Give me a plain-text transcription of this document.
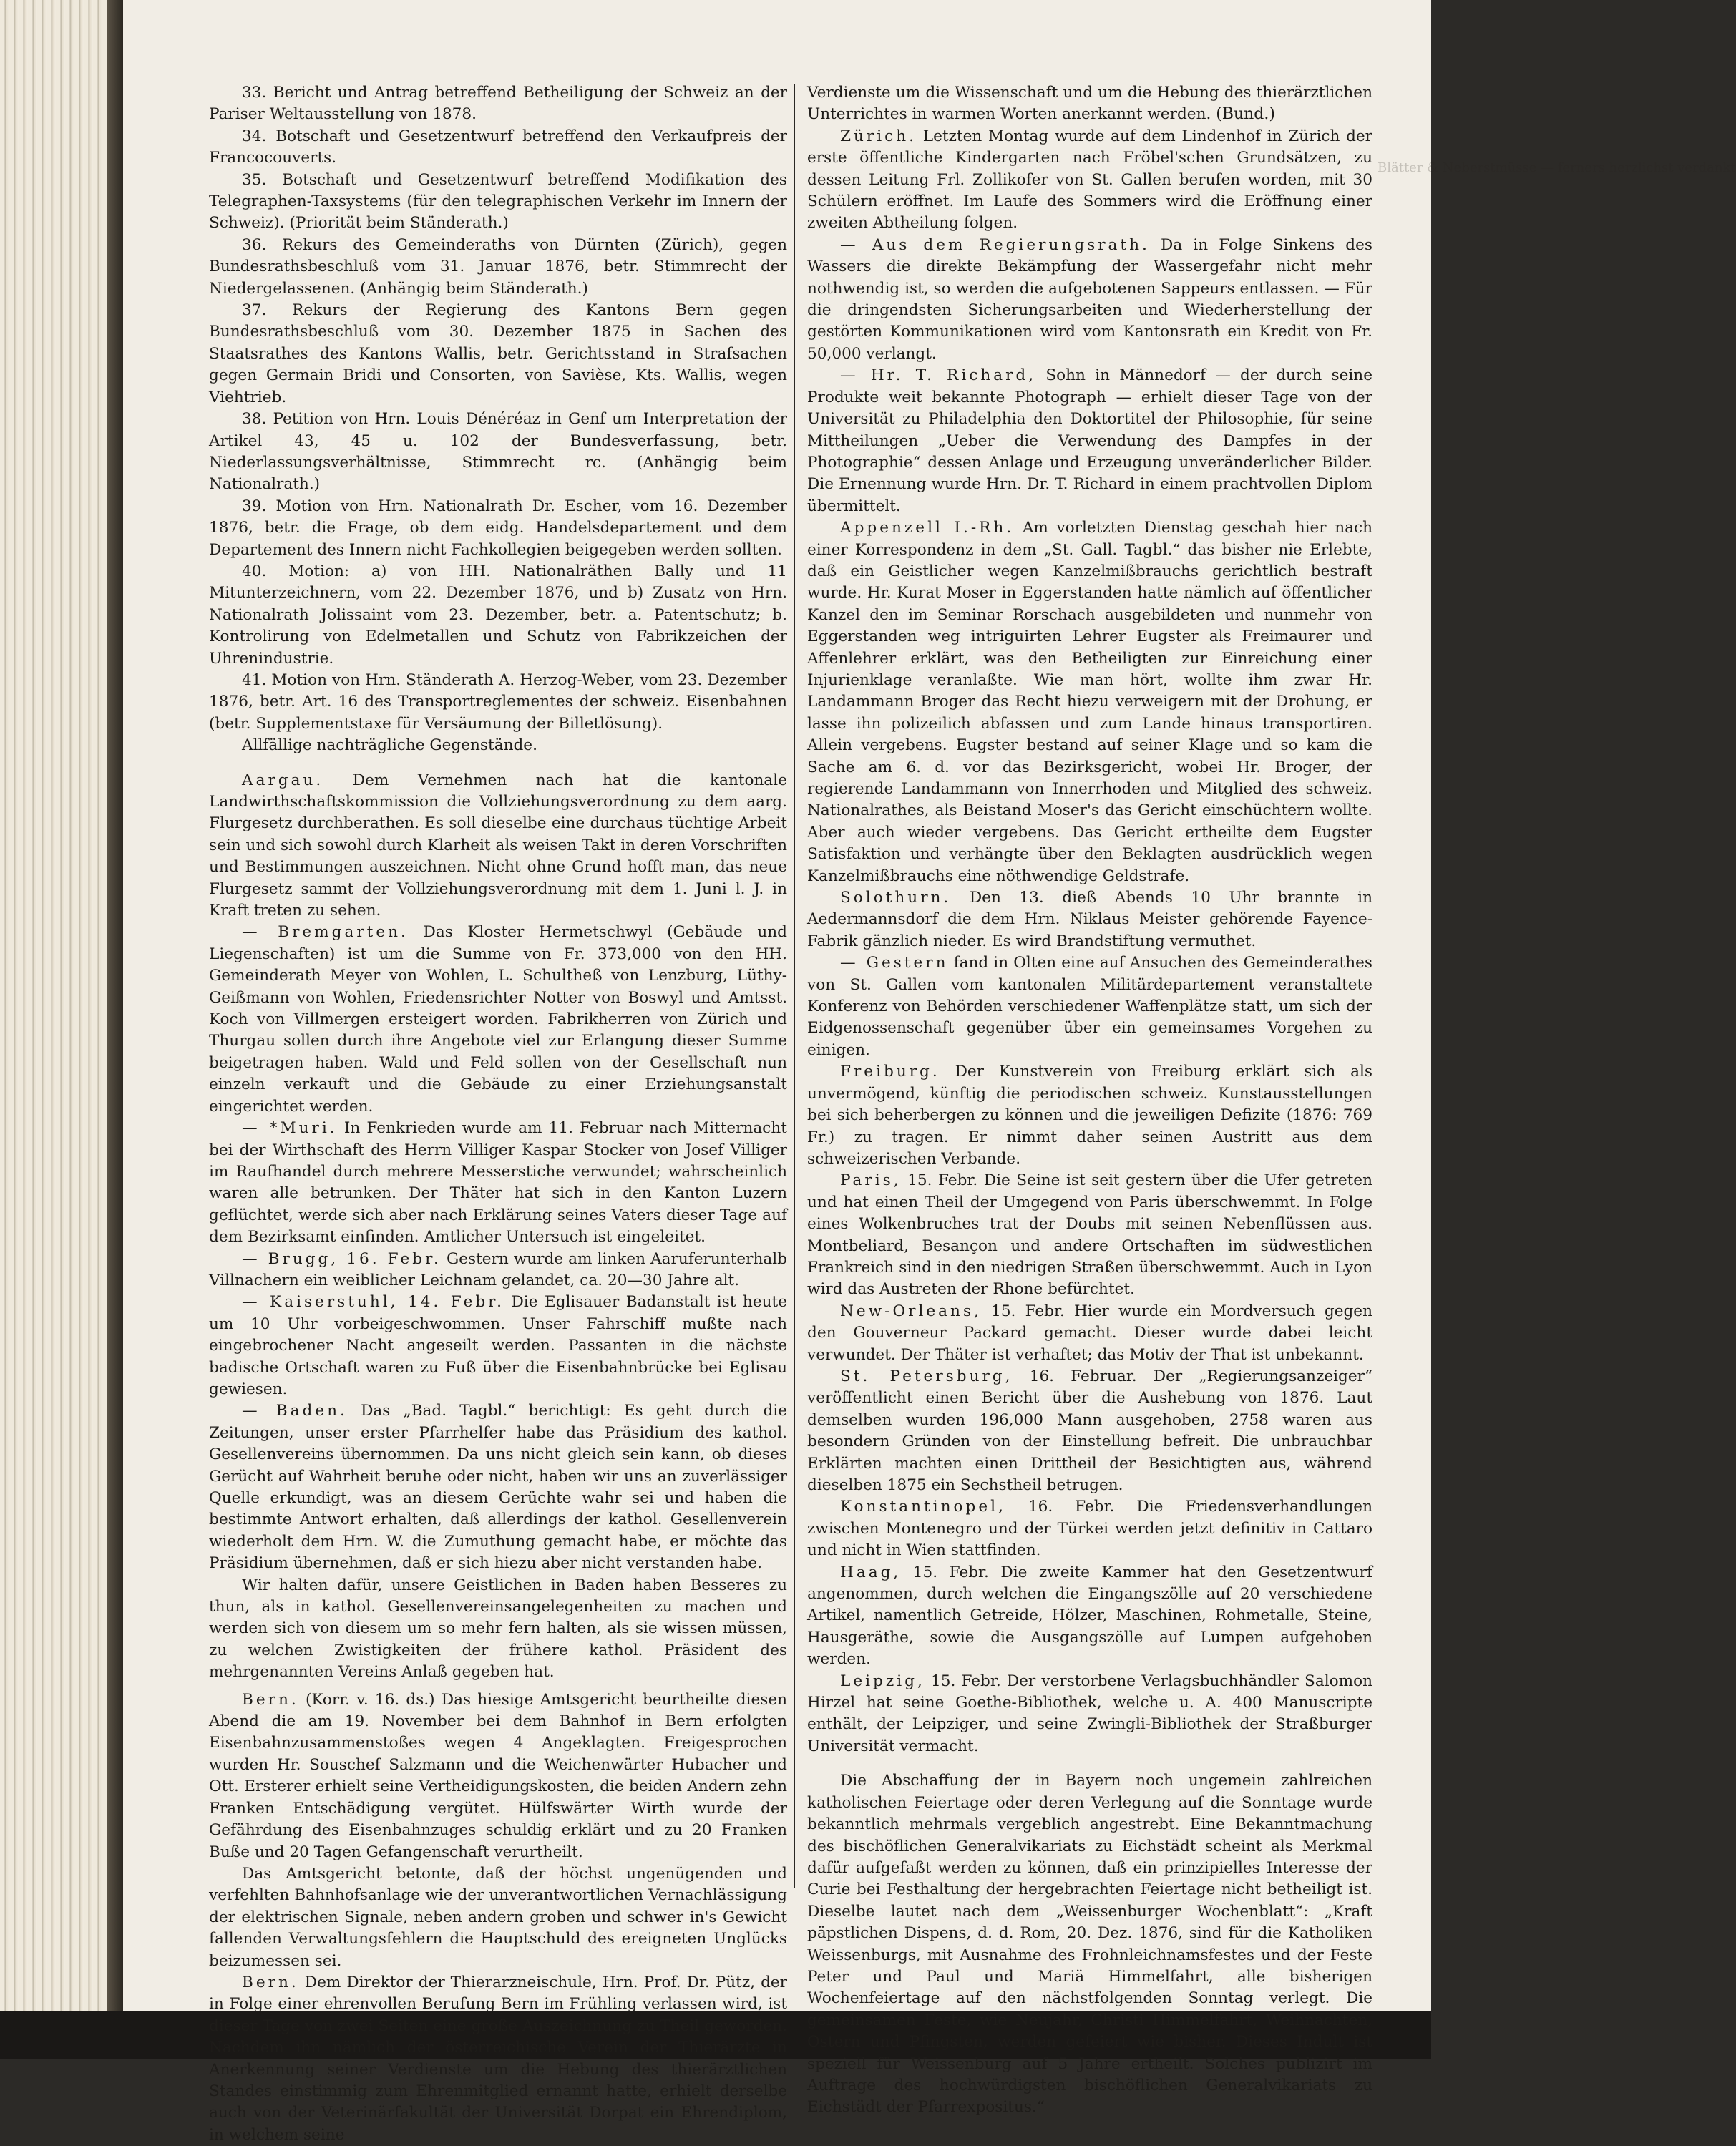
Blätter & Neberstmüsse — ferners herzlichst verdankt

33. Bericht und Antrag betreffend Betheiligung der Schweiz an der Pariser Weltausstellung von 1878.

34. Botschaft und Gesetzentwurf betreffend den Verkaufpreis der Francocouverts.

35. Botschaft und Gesetzentwurf betreffend Modifikation des Telegraphen-Taxsystems (für den telegraphischen Verkehr im Innern der Schweiz). (Priorität beim Ständerath.)

36. Rekurs des Gemeinderaths von Dürnten (Zürich), gegen Bundesrathsbeschluß vom 31. Januar 1876, betr. Stimmrecht der Niedergelassenen. (Anhängig beim Ständerath.)

37. Rekurs der Regierung des Kantons Bern gegen Bundesrathsbeschluß vom 30. Dezember 1875 in Sachen des Staatsrathes des Kantons Wallis, betr. Gerichtsstand in Strafsachen gegen Germain Bridi und Consorten, von Savièse, Kts. Wallis, wegen Viehtrieb.

38. Petition von Hrn. Louis Dénéréaz in Genf um Interpretation der Artikel 43, 45 u. 102 der Bundesverfassung, betr. Niederlassungsverhältnisse, Stimmrecht rc. (Anhängig beim Nationalrath.)

39. Motion von Hrn. Nationalrath Dr. Escher, vom 16. Dezember 1876, betr. die Frage, ob dem eidg. Handelsdepartement und dem Departement des Innern nicht Fachkollegien beigegeben werden sollten.

40. Motion: a) von HH. Nationalräthen Bally und 11 Mitunterzeichnern, vom 22. Dezember 1876, und b) Zusatz von Hrn. Nationalrath Jolissaint vom 23. Dezember, betr. a. Patentschutz; b. Kontrolirung von Edelmetallen und Schutz von Fabrikzeichen der Uhrenindustrie.

41. Motion von Hrn. Ständerath A. Herzog-Weber, vom 23. Dezember 1876, betr. Art. 16 des Transportreglementes der schweiz. Eisenbahnen (betr. Supplementstaxe für Versäumung der Billetlösung).

Allfällige nachträgliche Gegenstände.

Aargau. Dem Vernehmen nach hat die kantonale Landwirthschaftskommission die Vollziehungsverordnung zu dem aarg. Flurgesetz durchberathen. Es soll dieselbe eine durchaus tüchtige Arbeit sein und sich sowohl durch Klarheit als weisen Takt in deren Vorschriften und Bestimmungen auszeichnen. Nicht ohne Grund hofft man, das neue Flurgesetz sammt der Vollziehungsverordnung mit dem 1. Juni l. J. in Kraft treten zu sehen.

— Bremgarten. Das Kloster Hermetschwyl (Gebäude und Liegenschaften) ist um die Summe von Fr. 373,000 von den HH. Gemeinderath Meyer von Wohlen, L. Schultheß von Lenzburg, Lüthy-Geißmann von Wohlen, Friedensrichter Notter von Boswyl und Amtsst. Koch von Villmergen ersteigert worden. Fabrikherren von Zürich und Thurgau sollen durch ihre Angebote viel zur Erlangung dieser Summe beigetragen haben. Wald und Feld sollen von der Gesellschaft nun einzeln verkauft und die Gebäude zu einer Erziehungsanstalt eingerichtet werden.

— *Muri. In Fenkrieden wurde am 11. Februar nach Mitternacht bei der Wirthschaft des Herrn Villiger Kaspar Stocker von Josef Villiger im Raufhandel durch mehrere Messerstiche verwundet; wahrscheinlich waren alle betrunken. Der Thäter hat sich in den Kanton Luzern geflüchtet, werde sich aber nach Erklärung seines Vaters dieser Tage auf dem Bezirksamt einfinden. Amtlicher Untersuch ist eingeleitet.

— Brugg, 16. Febr. Gestern wurde am linken Aaruferunterhalb Villnachern ein weiblicher Leichnam gelandet, ca. 20—30 Jahre alt.

— Kaiserstuhl, 14. Febr. Die Eglisauer Badanstalt ist heute um 10 Uhr vorbeigeschwommen. Unser Fahrschiff mußte nach eingebrochener Nacht angeseilt werden. Passanten in die nächste badische Ortschaft waren zu Fuß über die Eisenbahnbrücke bei Eglisau gewiesen.

— Baden. Das „Bad. Tagbl.“ berichtigt: Es geht durch die Zeitungen, unser erster Pfarrhelfer habe das Präsidium des kathol. Gesellenvereins übernommen. Da uns nicht gleich sein kann, ob dieses Gerücht auf Wahrheit beruhe oder nicht, haben wir uns an zuverlässiger Quelle erkundigt, was an diesem Gerüchte wahr sei und haben die bestimmte Antwort erhalten, daß allerdings der kathol. Gesellenverein wiederholt dem Hrn. W. die Zumuthung gemacht habe, er möchte das Präsidium übernehmen, daß er sich hiezu aber nicht verstanden habe.

Wir halten dafür, unsere Geistlichen in Baden haben Besseres zu thun, als in kathol. Gesellenvereinsangelegenheiten zu machen und werden sich von diesem um so mehr fern halten, als sie wissen müssen, zu welchen Zwistigkeiten der frühere kathol. Präsident des mehrgenannten Vereins Anlaß gegeben hat.

Bern. (Korr. v. 16. ds.) Das hiesige Amtsgericht beurtheilte diesen Abend die am 19. November bei dem Bahnhof in Bern erfolgten Eisenbahnzusammenstoßes wegen 4 Angeklagten. Freigesprochen wurden Hr. Souschef Salzmann und die Weichenwärter Hubacher und Ott. Ersterer erhielt seine Vertheidigungskosten, die beiden Andern zehn Franken Entschädigung vergütet. Hülfswärter Wirth wurde der Gefährdung des Eisenbahnzuges schuldig erklärt und zu 20 Franken Buße und 20 Tagen Gefangenschaft verurtheilt.

Das Amtsgericht betonte, daß der höchst ungenügenden und verfehlten Bahnhofsanlage wie der unverantwortlichen Vernachlässigung der elektrischen Signale, neben andern groben und schwer in's Gewicht fallenden Verwaltungsfehlern die Hauptschuld des ereigneten Unglücks beizumessen sei.

Bern. Dem Direktor der Thierarzneischule, Hrn. Prof. Dr. Pütz, der in Folge einer ehrenvollen Berufung Bern im Frühling verlassen wird, ist dieser Tage von zwei Seiten eine große Auszeichnung zu Theil geworden. Nachdem ihn nämlich der österreichische Verein der Thierärzte in Anerkennung seiner Verdienste um die Hebung des thierärztlichen Standes einstimmig zum Ehrenmitglied ernannt hatte, erhielt derselbe auch von der Veterinärfakultät der Universität Dorpat ein Ehrendiplom, in welchem seine

Verdienste um die Wissenschaft und um die Hebung des thierärztlichen Unterrichtes in warmen Worten anerkannt werden. (Bund.)

Zürich. Letzten Montag wurde auf dem Lindenhof in Zürich der erste öffentliche Kindergarten nach Fröbel'schen Grundsätzen, zu dessen Leitung Frl. Zollikofer von St. Gallen berufen worden, mit 30 Schülern eröffnet. Im Laufe des Sommers wird die Eröffnung einer zweiten Abtheilung folgen.

— Aus dem Regierungsrath. Da in Folge Sinkens des Wassers die direkte Bekämpfung der Wassergefahr nicht mehr nothwendig ist, so werden die aufgebotenen Sappeurs entlassen. — Für die dringendsten Sicherungsarbeiten und Wiederherstellung der gestörten Kommunikationen wird vom Kantonsrath ein Kredit von Fr. 50,000 verlangt.

— Hr. T. Richard, Sohn in Männedorf — der durch seine Produkte weit bekannte Photograph — erhielt dieser Tage von der Universität zu Philadelphia den Doktortitel der Philosophie, für seine Mittheilungen „Ueber die Verwendung des Dampfes in der Photographie“ dessen Anlage und Erzeugung unveränderlicher Bilder. Die Ernennung wurde Hrn. Dr. T. Richard in einem prachtvollen Diplom übermittelt.

Appenzell I.-Rh. Am vorletzten Dienstag geschah hier nach einer Korrespondenz in dem „St. Gall. Tagbl.“ das bisher nie Erlebte, daß ein Geistlicher wegen Kanzelmißbrauchs gerichtlich bestraft wurde. Hr. Kurat Moser in Eggerstanden hatte nämlich auf öffentlicher Kanzel den im Seminar Rorschach ausgebildeten und nunmehr von Eggerstanden weg intriguirten Lehrer Eugster als Freimaurer und Affenlehrer erklärt, was den Betheiligten zur Einreichung einer Injurienklage veranlaßte. Wie man hört, wollte ihm zwar Hr. Landammann Broger das Recht hiezu verweigern mit der Drohung, er lasse ihn polizeilich abfassen und zum Lande hinaus transportiren. Allein vergebens. Eugster bestand auf seiner Klage und so kam die Sache am 6. d. vor das Bezirksgericht, wobei Hr. Broger, der regierende Landammann von Innerrhoden und Mitglied des schweiz. Nationalrathes, als Beistand Moser's das Gericht einschüchtern wollte. Aber auch wieder vergebens. Das Gericht ertheilte dem Eugster Satisfaktion und verhängte über den Beklagten ausdrücklich wegen Kanzelmißbrauchs eine nöthwendige Geldstrafe.

Solothurn. Den 13. dieß Abends 10 Uhr brannte in Aedermannsdorf die dem Hrn. Niklaus Meister gehörende Fayence-Fabrik gänzlich nieder. Es wird Brandstiftung vermuthet.

— Gestern fand in Olten eine auf Ansuchen des Gemeinderathes von St. Gallen vom kantonalen Militärdepartement veranstaltete Konferenz von Behörden verschiedener Waffenplätze statt, um sich der Eidgenossenschaft gegenüber über ein gemeinsames Vorgehen zu einigen.

Freiburg. Der Kunstverein von Freiburg erklärt sich als unvermögend, künftig die periodischen schweiz. Kunstausstellungen bei sich beherbergen zu können und die jeweiligen Defizite (1876: 769 Fr.) zu tragen. Er nimmt daher seinen Austritt aus dem schweizerischen Verbande.

Paris, 15. Febr. Die Seine ist seit gestern über die Ufer getreten und hat einen Theil der Umgegend von Paris überschwemmt. In Folge eines Wolkenbruches trat der Doubs mit seinen Nebenflüssen aus. Montbeliard, Besançon und andere Ortschaften im südwestlichen Frankreich sind in den niedrigen Straßen überschwemmt. Auch in Lyon wird das Austreten der Rhone befürchtet.

New-Orleans, 15. Febr. Hier wurde ein Mordversuch gegen den Gouverneur Packard gemacht. Dieser wurde dabei leicht verwundet. Der Thäter ist verhaftet; das Motiv der That ist unbekannt.

St. Petersburg, 16. Februar. Der „Regierungsanzeiger“ veröffentlicht einen Bericht über die Aushebung von 1876. Laut demselben wurden 196,000 Mann ausgehoben, 2758 waren aus besondern Gründen von der Einstellung befreit. Die unbrauchbar Erklärten machten einen Drittheil der Besichtigten aus, während dieselben 1875 ein Sechstheil betrugen.

Konstantinopel, 16. Febr. Die Friedensverhandlungen zwischen Montenegro und der Türkei werden jetzt definitiv in Cattaro und nicht in Wien stattfinden.

Haag, 15. Febr. Die zweite Kammer hat den Gesetzentwurf angenommen, durch welchen die Eingangszölle auf 20 verschiedene Artikel, namentlich Getreide, Hölzer, Maschinen, Rohmetalle, Steine, Hausgeräthe, sowie die Ausgangszölle auf Lumpen aufgehoben werden.

Leipzig, 15. Febr. Der verstorbene Verlagsbuchhändler Salomon Hirzel hat seine Goethe-Bibliothek, welche u. A. 400 Manuscripte enthält, der Leipziger, und seine Zwingli-Bibliothek der Straßburger Universität vermacht.

Die Abschaffung der in Bayern noch ungemein zahlreichen katholischen Feiertage oder deren Verlegung auf die Sonntage wurde bekanntlich mehrmals vergeblich angestrebt. Eine Bekanntmachung des bischöflichen Generalvikariats zu Eichstädt scheint als Merkmal dafür aufgefaßt werden zu können, daß ein prinzipielles Interesse der Curie bei Festhaltung der hergebrachten Feiertage nicht betheiligt ist. Dieselbe lautet nach dem „Weissenburger Wochenblatt“: „Kraft päpstlichen Dispens, d. d. Rom, 20. Dez. 1876, sind für die Katholiken Weissenburgs, mit Ausnahme des Frohnleichnamsfestes und der Feste Peter und Paul und Mariä Himmelfahrt, alle bisherigen Wochenfeiertage auf den nächstfolgenden Sonntag verlegt. Die gemeinsamen Feste, wie Neujahr, Christi Himmelfahrt, Weihnachten, Ostern und Pfingsten, werden gefeiert wie bisher. Dieses Indult ist speziell für Weissenburg auf 5 Jahre ertheilt. Solches publizirt im Auftrage des hochwürdigsten bischöflichen Generalvikariats zu Eichstädt der Pfarrexpositus.“
